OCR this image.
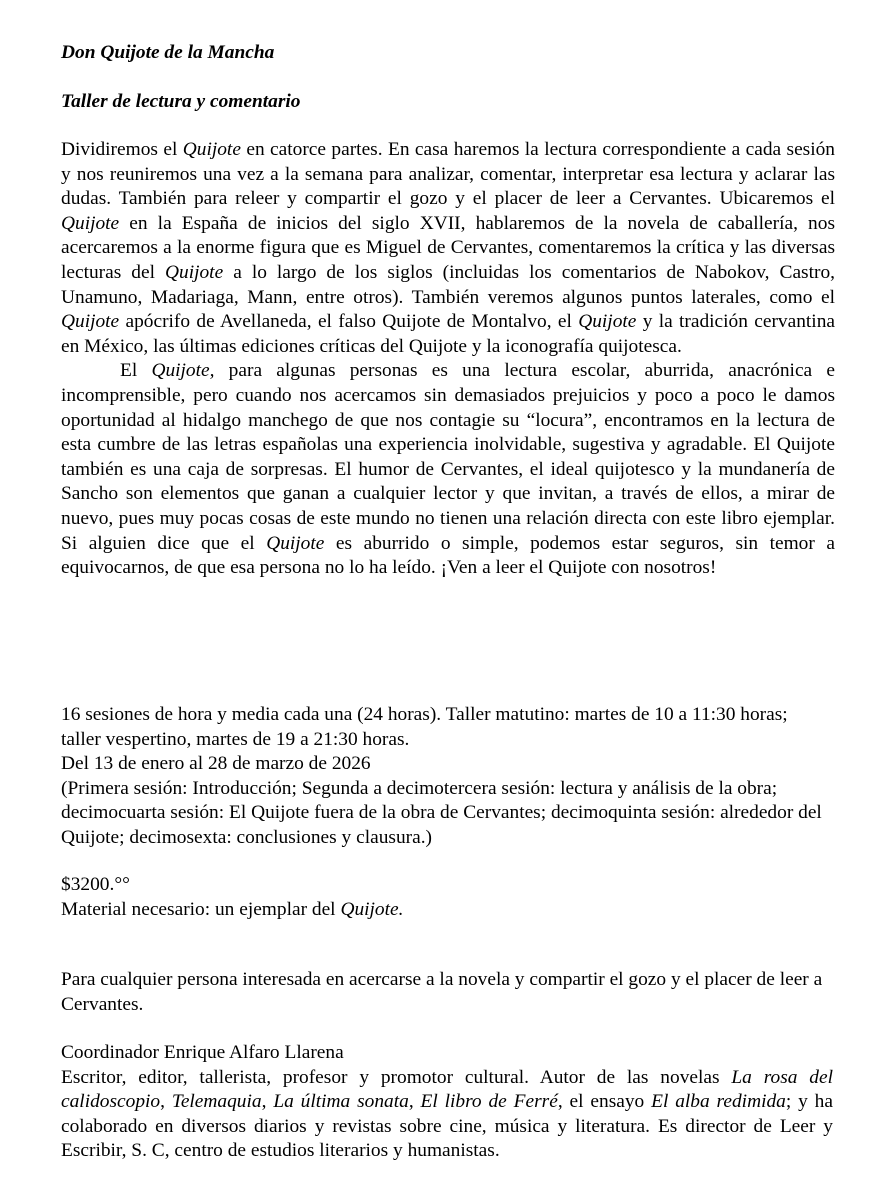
Don Quijote de la Mancha

Taller de lectura y comentario

Dividiremos el Quijote en catorce partes. En casa haremos la lectura correspondiente a cada sesión y nos reuniremos una vez a la semana para analizar, comentar, interpretar esa lectura y aclarar las dudas. También para releer y compartir el gozo y el placer de leer a Cervantes. Ubicaremos el Quijote en la España de inicios del siglo XVII, hablaremos de la novela de caballería, nos acercaremos a la enorme figura que es Miguel de Cervantes, comentaremos la crítica y las diversas lecturas del Quijote a lo largo de los siglos (incluidas los comentarios de Nabokov, Castro, Unamuno, Madariaga, Mann, entre otros). También veremos algunos puntos laterales, como el Quijote apócrifo de Avellaneda, el falso Quijote de Montalvo, el Quijote y la tradición cervantina en México, las últimas ediciones críticas del Quijote y la iconografía quijotesca.

El Quijote, para algunas personas es una lectura escolar, aburrida, anacrónica e incomprensible, pero cuando nos acercamos sin demasiados prejuicios y poco a poco le damos oportunidad al hidalgo manchego de que nos contagie su “locura”, encontramos en la lectura de esta cumbre de las letras españolas una experiencia inolvidable, sugestiva y agradable. El Quijote también es una caja de sorpresas. El humor de Cervantes, el ideal quijotesco y la mundanería de Sancho son elementos que ganan a cualquier lector y que invitan, a través de ellos, a mirar de nuevo, pues muy pocas cosas de este mundo no tienen una relación directa con este libro ejemplar. Si alguien dice que el Quijote es aburrido o simple, podemos estar seguros, sin temor a equivocarnos, de que esa persona no lo ha leído. ¡Ven a leer el Quijote con nosotros!

16 sesiones de hora y media cada una (24 horas). Taller matutino: martes de 10 a 11:30 horas; taller vespertino, martes de 19 a 21:30 horas.

Del 13 de enero al 28 de marzo de 2026

(Primera sesión: Introducción; Segunda a decimotercera sesión: lectura y análisis de la obra; decimocuarta sesión: El Quijote fuera de la obra de Cervantes; decimoquinta sesión: alrededor del Quijote; decimosexta: conclusiones y clausura.)

$3200.°°

Material necesario: un ejemplar del Quijote.

Para cualquier persona interesada en acercarse a la novela y compartir el gozo y el placer de leer a Cervantes.

Coordinador Enrique Alfaro Llarena

Escritor, editor, tallerista, profesor y promotor cultural. Autor de las novelas La rosa del calidoscopio, Telemaquia, La última sonata, El libro de Ferré, el ensayo El alba redimida; y ha colaborado en diversos diarios y revistas sobre cine, música y literatura. Es director de Leer y Escribir, S. C, centro de estudios literarios y humanistas.
